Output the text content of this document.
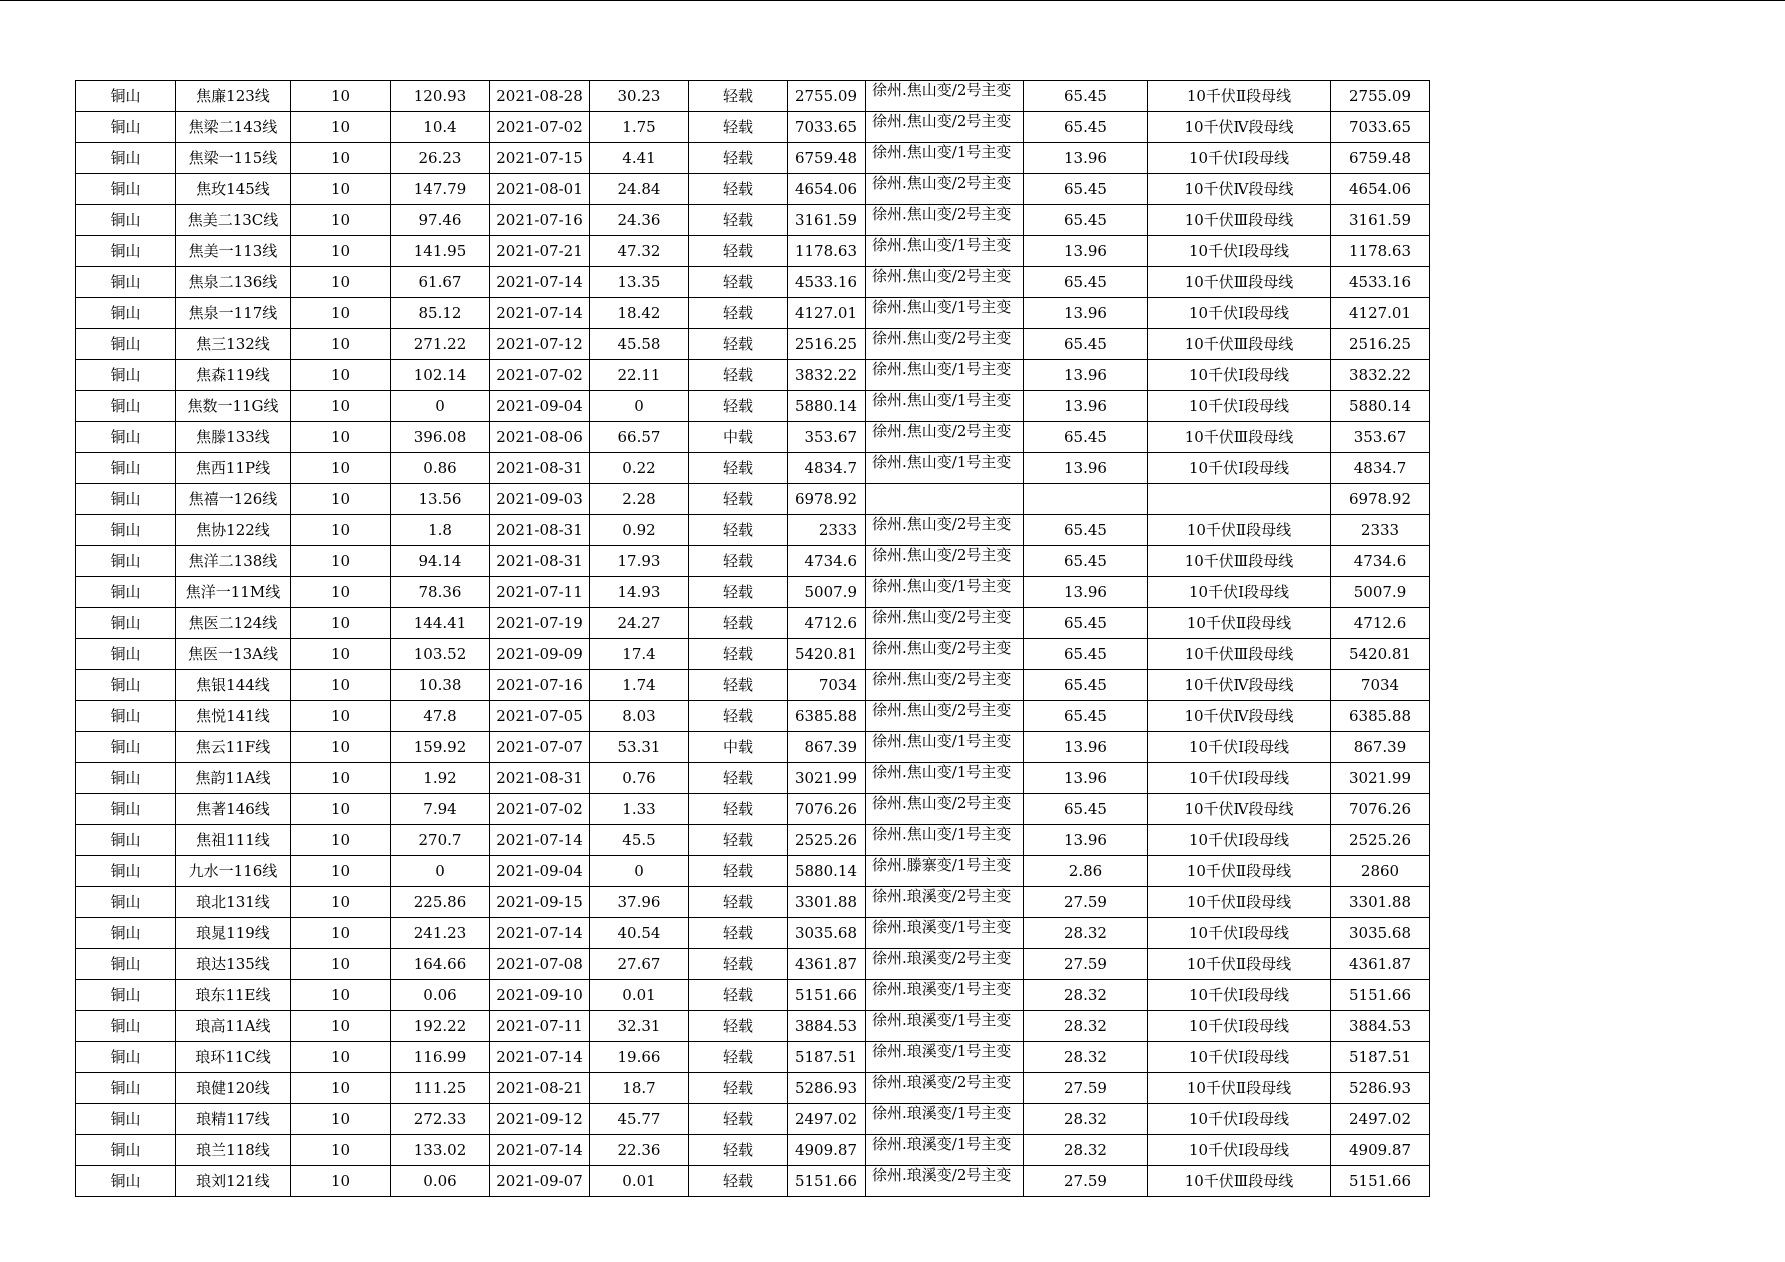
铜山	焦廉123线	10	120.93	2021-08-28	30.23	轻载	2755.09	徐州.焦山变/2号主变	65.45	10千伏Ⅱ段母线	2755.09
铜山	焦梁二143线	10	10.4	2021-07-02	1.75	轻载	7033.65	徐州.焦山变/2号主变	65.45	10千伏Ⅳ段母线	7033.65
铜山	焦梁一115线	10	26.23	2021-07-15	4.41	轻载	6759.48	徐州.焦山变/1号主变	13.96	10千伏Ⅰ段母线	6759.48
铜山	焦玫145线	10	147.79	2021-08-01	24.84	轻载	4654.06	徐州.焦山变/2号主变	65.45	10千伏Ⅳ段母线	4654.06
铜山	焦美二13C线	10	97.46	2021-07-16	24.36	轻载	3161.59	徐州.焦山变/2号主变	65.45	10千伏Ⅲ段母线	3161.59
铜山	焦美一113线	10	141.95	2021-07-21	47.32	轻载	1178.63	徐州.焦山变/1号主变	13.96	10千伏Ⅰ段母线	1178.63
铜山	焦泉二136线	10	61.67	2021-07-14	13.35	轻载	4533.16	徐州.焦山变/2号主变	65.45	10千伏Ⅲ段母线	4533.16
铜山	焦泉一117线	10	85.12	2021-07-14	18.42	轻载	4127.01	徐州.焦山变/1号主变	13.96	10千伏Ⅰ段母线	4127.01
铜山	焦三132线	10	271.22	2021-07-12	45.58	轻载	2516.25	徐州.焦山变/2号主变	65.45	10千伏Ⅲ段母线	2516.25
铜山	焦森119线	10	102.14	2021-07-02	22.11	轻载	3832.22	徐州.焦山变/1号主变	13.96	10千伏Ⅰ段母线	3832.22
铜山	焦数一11G线	10	0	2021-09-04	0	轻载	5880.14	徐州.焦山变/1号主变	13.96	10千伏Ⅰ段母线	5880.14
铜山	焦滕133线	10	396.08	2021-08-06	66.57	中载	353.67	徐州.焦山变/2号主变	65.45	10千伏Ⅲ段母线	353.67
铜山	焦西11P线	10	0.86	2021-08-31	0.22	轻载	4834.7	徐州.焦山变/1号主变	13.96	10千伏Ⅰ段母线	4834.7
铜山	焦禧一126线	10	13.56	2021-09-03	2.28	轻载	6978.92				6978.92
铜山	焦协122线	10	1.8	2021-08-31	0.92	轻载	2333	徐州.焦山变/2号主变	65.45	10千伏Ⅱ段母线	2333
铜山	焦洋二138线	10	94.14	2021-08-31	17.93	轻载	4734.6	徐州.焦山变/2号主变	65.45	10千伏Ⅲ段母线	4734.6
铜山	焦洋一11M线	10	78.36	2021-07-11	14.93	轻载	5007.9	徐州.焦山变/1号主变	13.96	10千伏Ⅰ段母线	5007.9
铜山	焦医二124线	10	144.41	2021-07-19	24.27	轻载	4712.6	徐州.焦山变/2号主变	65.45	10千伏Ⅱ段母线	4712.6
铜山	焦医一13A线	10	103.52	2021-09-09	17.4	轻载	5420.81	徐州.焦山变/2号主变	65.45	10千伏Ⅲ段母线	5420.81
铜山	焦银144线	10	10.38	2021-07-16	1.74	轻载	7034	徐州.焦山变/2号主变	65.45	10千伏Ⅳ段母线	7034
铜山	焦悦141线	10	47.8	2021-07-05	8.03	轻载	6385.88	徐州.焦山变/2号主变	65.45	10千伏Ⅳ段母线	6385.88
铜山	焦云11F线	10	159.92	2021-07-07	53.31	中载	867.39	徐州.焦山变/1号主变	13.96	10千伏Ⅰ段母线	867.39
铜山	焦韵11A线	10	1.92	2021-08-31	0.76	轻载	3021.99	徐州.焦山变/1号主变	13.96	10千伏Ⅰ段母线	3021.99
铜山	焦著146线	10	7.94	2021-07-02	1.33	轻载	7076.26	徐州.焦山变/2号主变	65.45	10千伏Ⅳ段母线	7076.26
铜山	焦祖111线	10	270.7	2021-07-14	45.5	轻载	2525.26	徐州.焦山变/1号主变	13.96	10千伏Ⅰ段母线	2525.26
铜山	九水一116线	10	0	2021-09-04	0	轻载	5880.14	徐州.滕寨变/1号主变	2.86	10千伏Ⅱ段母线	2860
铜山	琅北131线	10	225.86	2021-09-15	37.96	轻载	3301.88	徐州.琅溪变/2号主变	27.59	10千伏Ⅱ段母线	3301.88
铜山	琅晁119线	10	241.23	2021-07-14	40.54	轻载	3035.68	徐州.琅溪变/1号主变	28.32	10千伏Ⅰ段母线	3035.68
铜山	琅达135线	10	164.66	2021-07-08	27.67	轻载	4361.87	徐州.琅溪变/2号主变	27.59	10千伏Ⅱ段母线	4361.87
铜山	琅东11E线	10	0.06	2021-09-10	0.01	轻载	5151.66	徐州.琅溪变/1号主变	28.32	10千伏Ⅰ段母线	5151.66
铜山	琅高11A线	10	192.22	2021-07-11	32.31	轻载	3884.53	徐州.琅溪变/1号主变	28.32	10千伏Ⅰ段母线	3884.53
铜山	琅环11C线	10	116.99	2021-07-14	19.66	轻载	5187.51	徐州.琅溪变/1号主变	28.32	10千伏Ⅰ段母线	5187.51
铜山	琅健120线	10	111.25	2021-08-21	18.7	轻载	5286.93	徐州.琅溪变/2号主变	27.59	10千伏Ⅱ段母线	5286.93
铜山	琅精117线	10	272.33	2021-09-12	45.77	轻载	2497.02	徐州.琅溪变/1号主变	28.32	10千伏Ⅰ段母线	2497.02
铜山	琅兰118线	10	133.02	2021-07-14	22.36	轻载	4909.87	徐州.琅溪变/1号主变	28.32	10千伏Ⅰ段母线	4909.87
铜山	琅刘121线	10	0.06	2021-09-07	0.01	轻载	5151.66	徐州.琅溪变/2号主变	27.59	10千伏Ⅲ段母线	5151.66
